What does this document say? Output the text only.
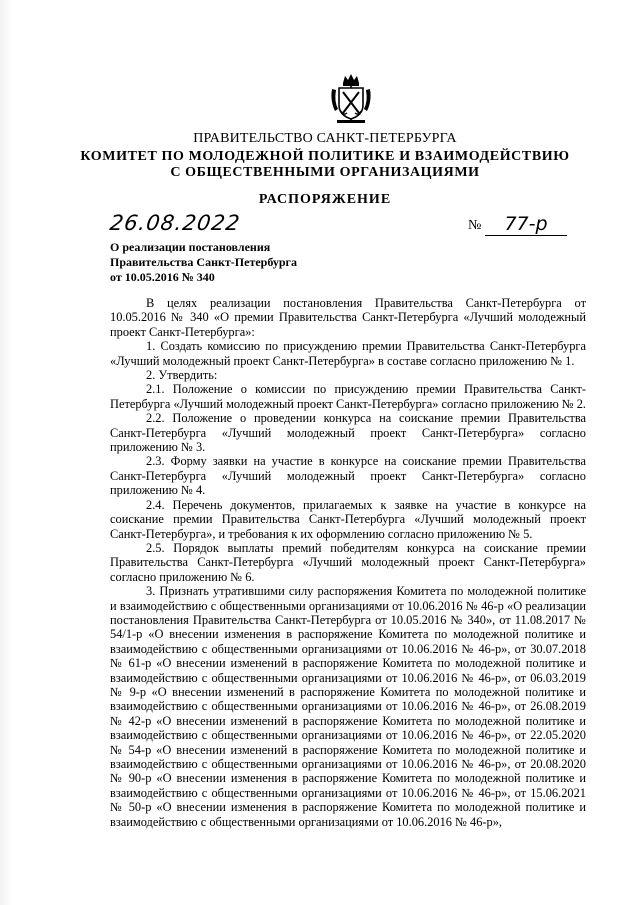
ПРАВИТЕЛЬСТВО САНКТ-ПЕТЕРБУРГА
КОМИТЕТ ПО МОЛОДЕЖНОЙ ПОЛИТИКЕ И ВЗАИМОДЕЙСТВИЮ
С ОБЩЕСТВЕННЫМИ ОРГАНИЗАЦИЯМИ
РАСПОРЯЖЕНИЕ
26.08.2022	№	77-р
О реализации постановления
Правительства Санкт-Петербурга
от 10.05.2016 № 340

В целях реализации постановления Правительства Санкт-Петербурга от 10.05.2016 № 340 «О премии Правительства Санкт-Петербурга «Лучший молодежный проект Санкт-Петербурга»:

1. Создать комиссию по присуждению премии Правительства Санкт-Петербурга «Лучший молодежный проект Санкт-Петербурга» в составе согласно приложению № 1.

2. Утвердить:

2.1. Положение о комиссии по присуждению премии Правительства Санкт-Петербурга «Лучший молодежный проект Санкт-Петербурга» согласно приложению № 2.

2.2. Положение о проведении конкурса на соискание премии Правительства Санкт-Петербурга «Лучший молодежный проект Санкт-Петербурга» согласно приложению № 3.

2.3. Форму заявки на участие в конкурсе на соискание премии Правительства Санкт-Петербурга «Лучший молодежный проект Санкт-Петербурга» согласно приложению № 4.

2.4. Перечень документов, прилагаемых к заявке на участие в конкурсе на соискание премии Правительства Санкт-Петербурга «Лучший молодежный проект Санкт-Петербурга», и требования к их оформлению согласно приложению № 5.

2.5. Порядок выплаты премий победителям конкурса на соискание премии Правительства Санкт-Петербурга «Лучший молодежный проект Санкт-Петербурга» согласно приложению № 6.

3. Признать утратившими силу распоряжения Комитета по молодежной политике и взаимодействию с общественными организациями от 10.06.2016 № 46-р «О реализации постановления Правительства Санкт-Петербурга от 10.05.2016 № 340», от 11.08.2017 № 54/1-р «О внесении изменения в распоряжение Комитета по молодежной политике и взаимодействию с общественными организациями от 10.06.2016 № 46-р», от 30.07.2018 № 61-р «О внесении изменений в распоряжение Комитета по молодежной политике и взаимодействию с общественными организациями от 10.06.2016 № 46-р», от 06.03.2019 № 9-р «О внесении изменений в распоряжение Комитета по молодежной политике и взаимодействию с общественными организациями от 10.06.2016 № 46-р», от 26.08.2019 № 42-р «О внесении изменений в распоряжение Комитета по молодежной политике и взаимодействию с общественными организациями от 10.06.2016 № 46-р», от 22.05.2020 № 54-р «О внесении изменений в распоряжение Комитета по молодежной политике и взаимодействию с общественными организациями от 10.06.2016 № 46-р», от 20.08.2020 № 90-р «О внесении изменения в распоряжение Комитета по молодежной политике и взаимодействию с общественными организациями от 10.06.2016 № 46-р», от 15.06.2021 № 50-р «О внесении изменения в распоряжение Комитета по молодежной политике и взаимодействию с общественными организациями от 10.06.2016 № 46-р»,
